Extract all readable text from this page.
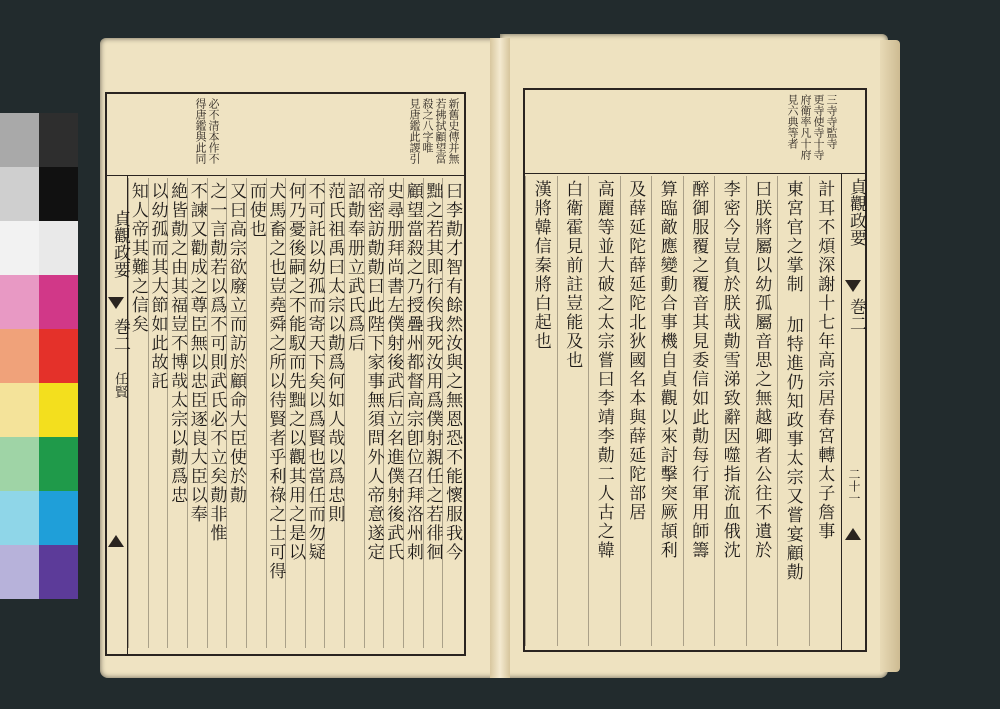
貞觀政要
巻二
任賢
新舊史傳并無
若拂拭顧望當
殺之八字唯
見唐鑑此謖引
必不清本作不
得唐鑑與此同
曰李勣才智有餘然汝與之無恩恐不能懷服我今
黜之若其即行俟我死汝用爲僕射親任之若徘徊
顧望當殺之乃授疊州都督高宗卽位召拜洛州刺
史尋册拜尚書左僕射後武后立名進僕射後武氏
帝密訪勣勣曰此陛下家事無須問外人帝意遂定
詔勣奉册立武氏爲后
范氏祖禹曰太宗以勣爲何如人哉以爲忠則
不可託以幼孤而寄天下矣以爲賢也當任而勿疑
何乃憂後嗣之不能馭而先黜之以觀其用之是以
犬馬畜之也豈堯舜之所以待賢者乎利祿之士可得
而使也
又曰高宗欲廢立而訪於顧命大臣使於勣
之一言勣若以爲不可則武氏必不立矣勣非惟
不諫又勸成之尊臣無以忠臣逐良大臣以奉
絶皆勣之由其福豈不博哉太宗以勣爲忠
以幼孤而其大節如此故託
知人帝其難之信矣
三寺寺監寺
更寺使寺十寺
府衛率凡十府
見六典等者
貞觀政要
巻二
二十一
計耳不煩深謝十七年高宗居春宮轉太子詹事
東宮官之掌制 加特進仍知政事太宗又嘗宴顧勣
曰朕將屬以幼孤屬音思之無越卿者公往不遺於
李密今豈負於朕哉勣雪涕致辭因噬指流血俄沈
醉御服覆之覆音其見委信如此勣每行軍用師籌
算臨敵應變動合事機自貞觀以來討擊突厥頡利
及薛延陀薛延陀北狄國名本與薛延陀部居
高麗等並大破之太宗嘗曰李靖李勣二人古之韓
白衛霍見前註豈能及也
漢將韓信秦將白起也
